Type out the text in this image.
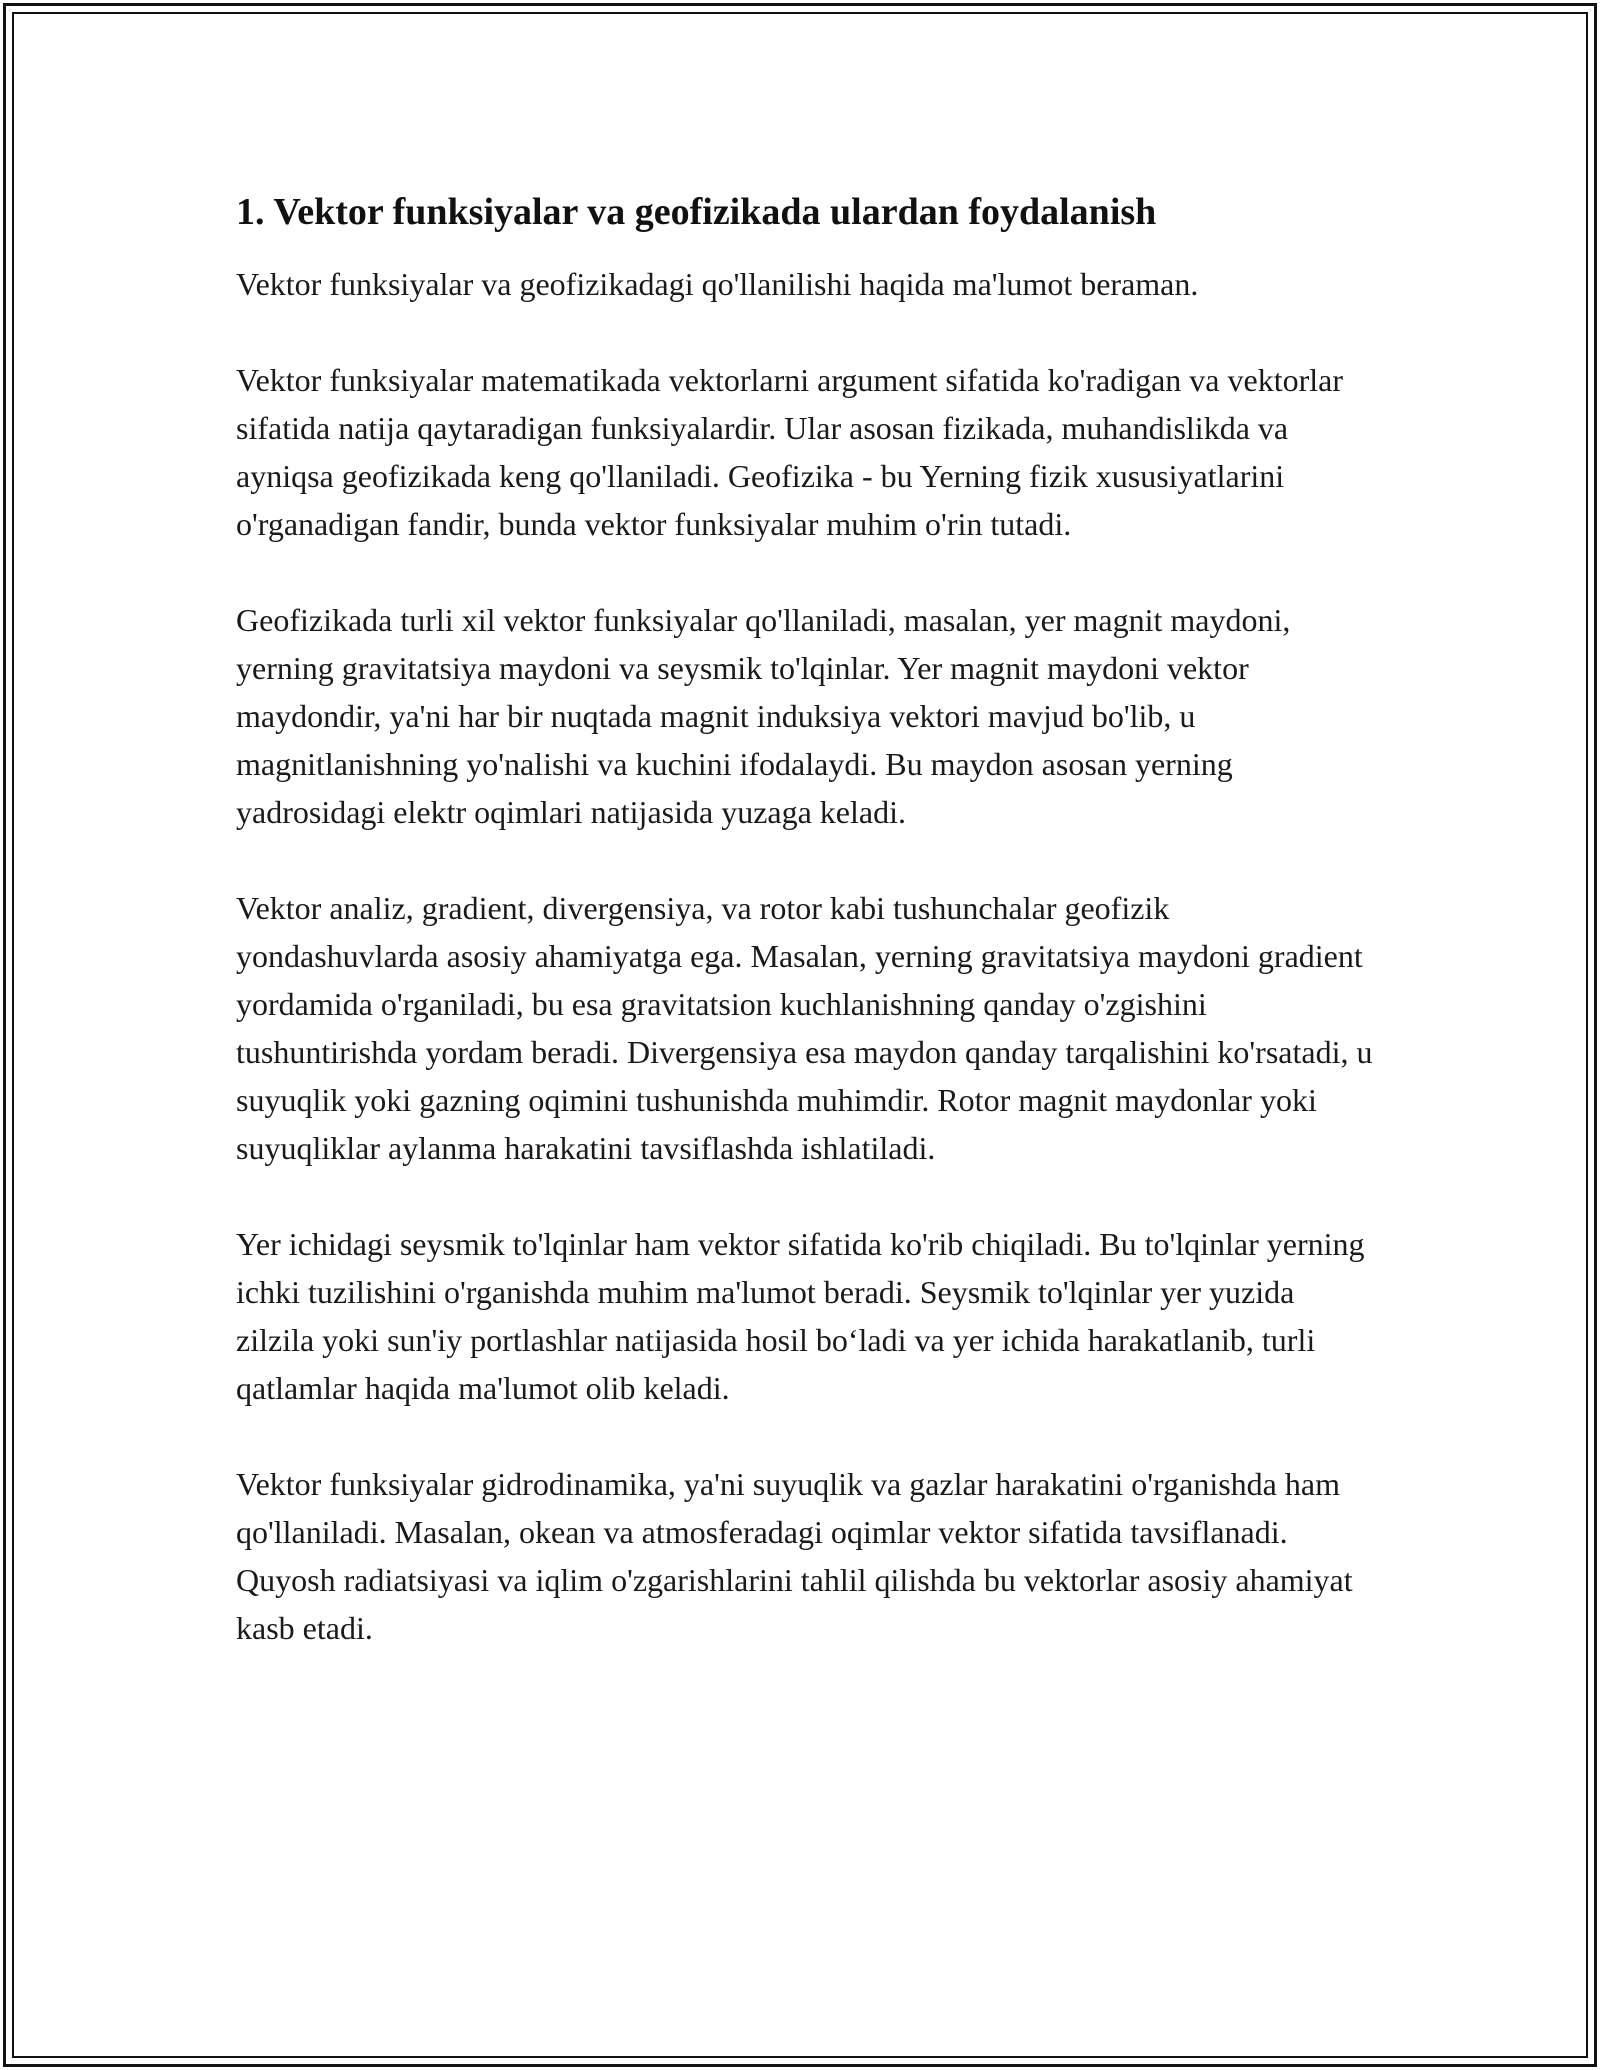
1. Vektor funksiyalar va geofizikada ulardan foydalanish

Vektor funksiyalar va geofizikadagi qo'llanilishi haqida ma'lumot beraman.

Vektor funksiyalar matematikada vektorlarni argument sifatida ko'radigan va vektorlar sifatida natija qaytaradigan funksiyalardir. Ular asosan fizikada, muhandislikda va ayniqsa geofizikada keng qo'llaniladi. Geofizika - bu Yerning fizik xususiyatlarini o'rganadigan fandir, bunda vektor funksiyalar muhim o'rin tutadi.

Geofizikada turli xil vektor funksiyalar qo'llaniladi, masalan, yer magnit maydoni, yerning gravitatsiya maydoni va seysmik to'lqinlar. Yer magnit maydoni vektor maydondir, ya'ni har bir nuqtada magnit induksiya vektori mavjud bo'lib, u magnitlanishning yo'nalishi va kuchini ifodalaydi. Bu maydon asosan yerning yadrosidagi elektr oqimlari natijasida yuzaga keladi.

Vektor analiz, gradient, divergensiya, va rotor kabi tushunchalar geofizik yondashuvlarda asosiy ahamiyatga ega. Masalan, yerning gravitatsiya maydoni gradient yordamida o'rganiladi, bu esa gravitatsion kuchlanishning qanday o'zgishini tushuntirishda yordam beradi. Divergensiya esa maydon qanday tarqalishini ko'rsatadi, u suyuqlik yoki gazning oqimini tushunishda muhimdir. Rotor magnit maydonlar yoki suyuqliklar aylanma harakatini tavsiflashda ishlatiladi.

Yer ichidagi seysmik to'lqinlar ham vektor sifatida ko'rib chiqiladi. Bu to'lqinlar yerning ichki tuzilishini o'rganishda muhim ma'lumot beradi. Seysmik to'lqinlar yer yuzida zilzila yoki sun'iy portlashlar natijasida hosil bo‘ladi va yer ichida harakatlanib, turli qatlamlar haqida ma'lumot olib keladi.

Vektor funksiyalar gidrodinamika, ya'ni suyuqlik va gazlar harakatini o'rganishda ham qo'llaniladi. Masalan, okean va atmosferadagi oqimlar vektor sifatida tavsiflanadi. Quyosh radiatsiyasi va iqlim o'zgarishlarini tahlil qilishda bu vektorlar asosiy ahamiyat kasb etadi.
